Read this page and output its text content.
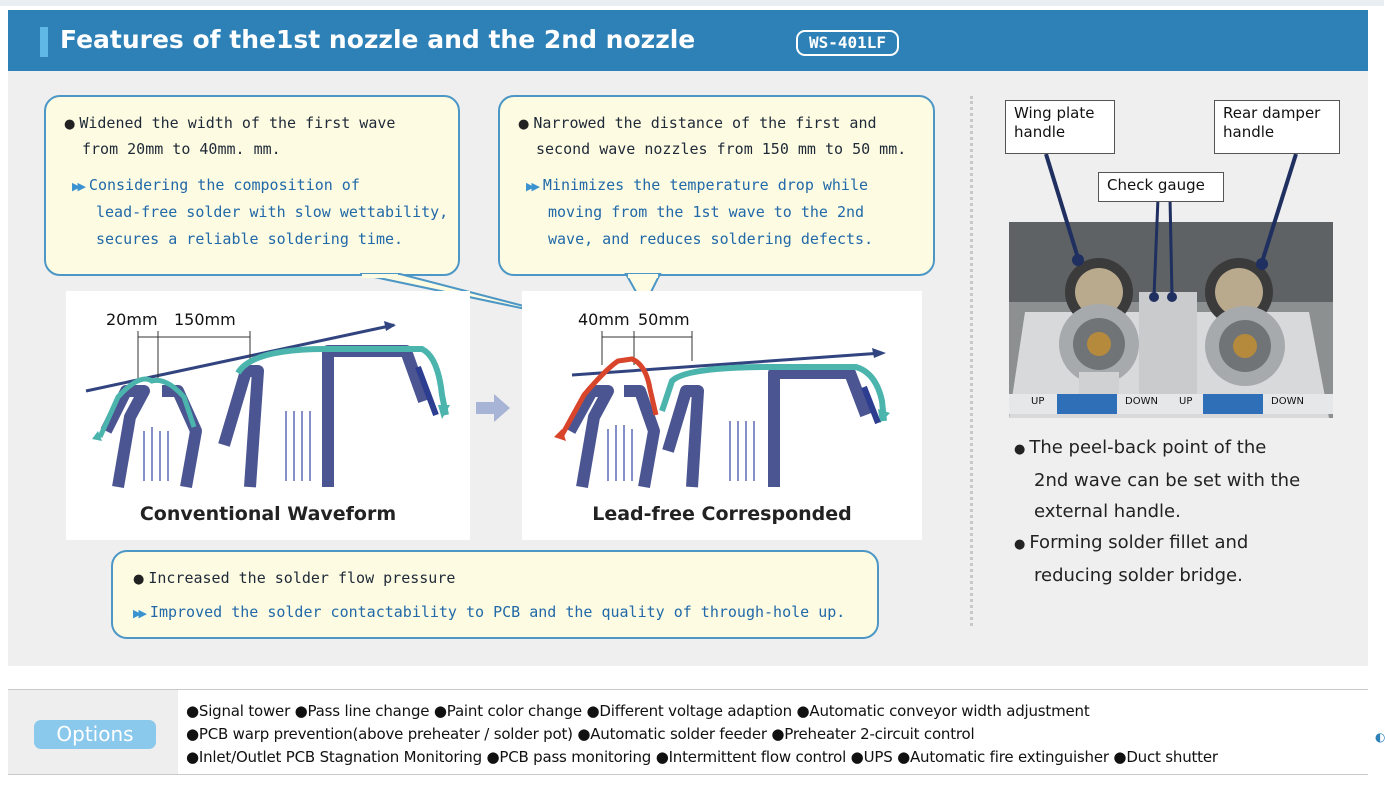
Features of the1st nozzle and the 2nd nozzle	WS-401LF
● Widened the width of the first wave
from 20mm to 40mm. mm.
▶▶ Considering the composition of
lead-free solder with slow wettability,
secures a reliable soldering time.
● Narrowed the distance of the first and
second wave nozzles from 150 mm to 50 mm.
▶▶ Minimizes the temperature drop while
moving from the 1st wave to the 2nd
wave, and reduces soldering defects.
20mm 150mm
Conventional Waveform
40mm 50mm
Lead-free Corresponded
● Increased the solder flow pressure
▶▶ Improved the solder contactability to PCB and the quality of through-hole up.
UP	DOWN UP	DOWN
Wing plate
handle
Rear damper
handle
Check gauge
● The peel-back point of the
2nd wave can be set with the
external handle.
● Forming solder fillet and
reducing solder bridge.
Options
●Signal tower ●Pass line change ●Paint color change ●Different voltage adaption ●Automatic conveyor width adjustment
●PCB warp prevention(above preheater / solder pot) ●Automatic solder feeder ●Preheater 2-circuit control
●Inlet/Outlet PCB Stagnation Monitoring ●PCB pass monitoring ●Intermittent flow control ●UPS ●Automatic fire extinguisher ●Duct shutter
◐
